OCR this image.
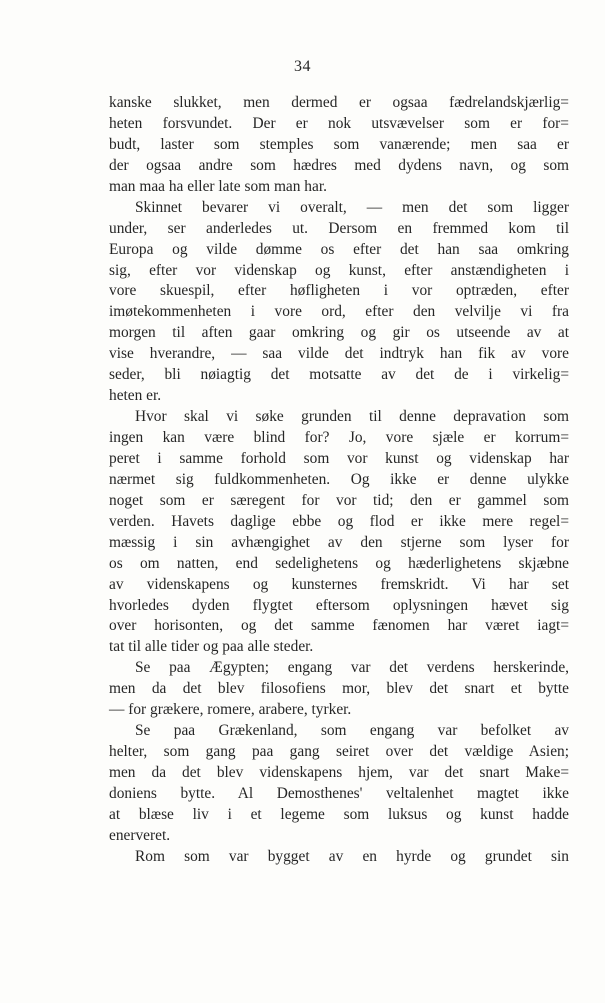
34
kanske slukket, men dermed er ogsaa fædrelandskjærlig=
heten forsvundet. Der er nok utsvævelser som er for=
budt, laster som stemples som vanærende; men saa er
der ogsaa andre som hædres med dydens navn, og som
man maa ha eller late som man har.
Skinnet bevarer vi overalt, — men det som ligger
under, ser anderledes ut. Dersom en fremmed kom til
Europa og vilde dømme os efter det han saa omkring
sig, efter vor videnskap og kunst, efter anstændigheten i
vore skuespil, efter høfligheten i vor optræden, efter
imøtekommenheten i vore ord, efter den velvilje vi fra
morgen til aften gaar omkring og gir os utseende av at
vise hverandre, — saa vilde det indtryk han fik av vore
seder, bli nøiagtig det motsatte av det de i virkelig=
heten er.
Hvor skal vi søke grunden til denne depravation som
ingen kan være blind for? Jo, vore sjæle er korrum=
peret i samme forhold som vor kunst og videnskap har
nærmet sig fuldkommenheten. Og ikke er denne ulykke
noget som er særegent for vor tid; den er gammel som
verden. Havets daglige ebbe og flod er ikke mere regel=
mæssig i sin avhængighet av den stjerne som lyser for
os om natten, end sedelighetens og hæderlighetens skjæbne
av videnskapens og kunsternes fremskridt. Vi har set
hvorledes dyden flygtet eftersom oplysningen hævet sig
over horisonten, og det samme fænomen har været iagt=
tat til alle tider og paa alle steder.
Se paa Ægypten; engang var det verdens herskerinde,
men da det blev filosofiens mor, blev det snart et bytte
— for grækere, romere, arabere, tyrker.
Se paa Grækenland, som engang var befolket av
helter, som gang paa gang seiret over det vældige Asien;
men da det blev videnskapens hjem, var det snart Make=
doniens bytte. Al Demosthenes' veltalenhet magtet ikke
at blæse liv i et legeme som luksus og kunst hadde
enerveret.
Rom som var bygget av en hyrde og grundet sin
